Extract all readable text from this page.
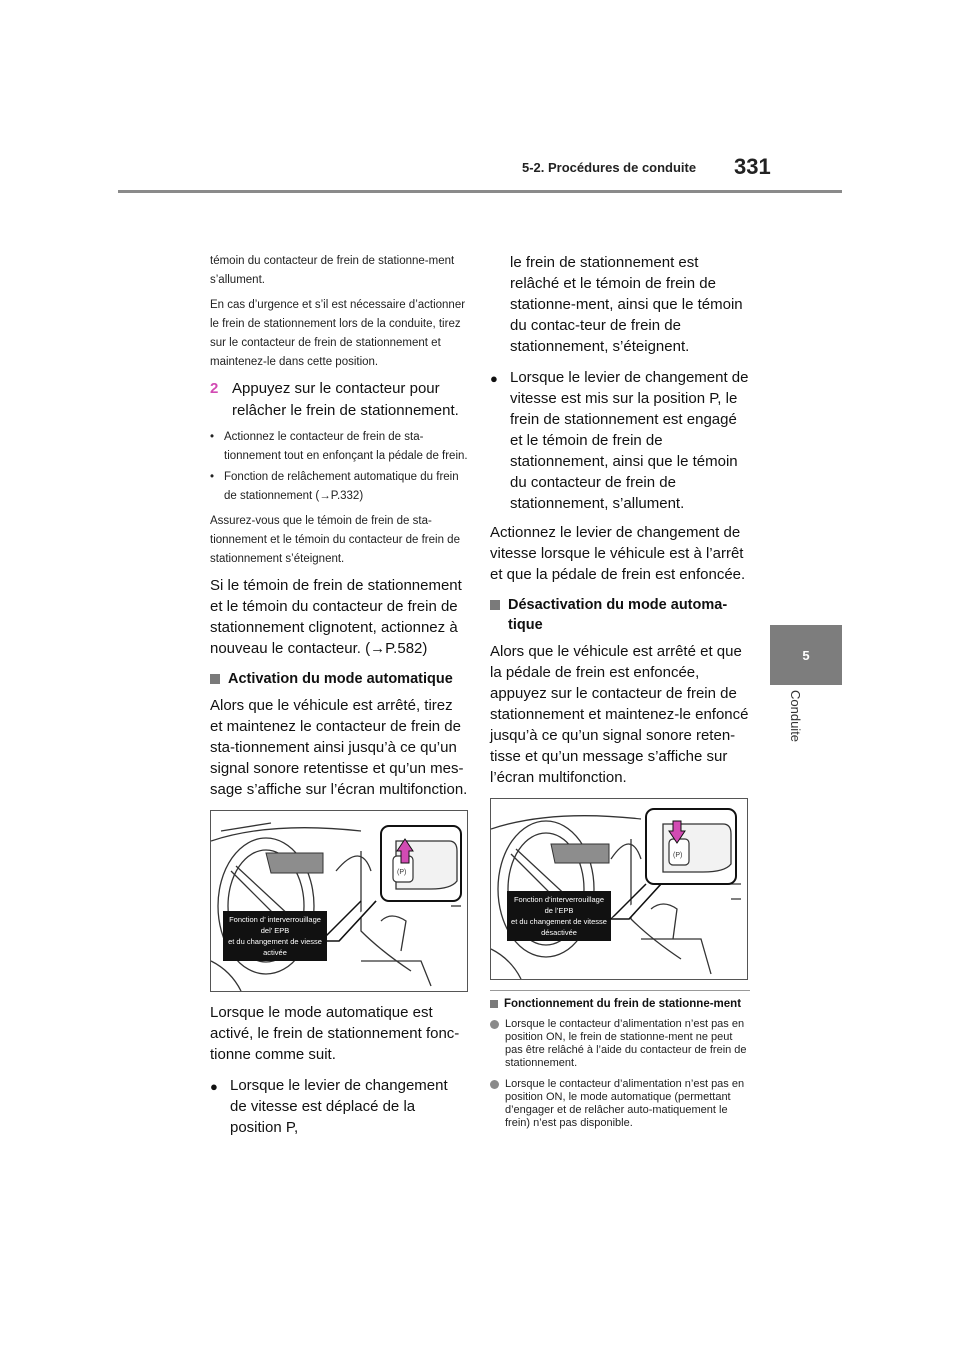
5-2. Procédures de conduite 331
5
Conduite

témoin du contacteur de frein de stationne-ment s’allument.

En cas d’urgence et s’il est nécessaire d’actionner le frein de stationnement lors de la conduite, tirez sur le contacteur de frein de stationnement et maintenez-le dans cette position.

2 Appuyez sur le contacteur pour relâcher le frein de stationnement.
• Actionnez le contacteur de frein de sta-tionnement tout en enfonçant la pédale de frein.
• Fonction de relâchement automatique du frein de stationnement (→P.332)

Assurez-vous que le témoin de frein de sta-tionnement et le témoin du contacteur de frein de stationnement s’éteignent.

Si le témoin de frein de stationnement et le témoin du contacteur de frein de stationnement clignotent, actionnez à nouveau le contacteur. (→P.582)

Activation du mode automatique

Alors que le véhicule est arrêté, tirez et maintenez le contacteur de frein de sta-tionnement ainsi jusqu’à ce qu’un signal sonore retentisse et qu’un mes-sage s’affiche sur l’écran multifonction.

(P)
Fonction d’ interverrouillage
del’ EPB
et du changement de viesse
activée

Lorsque le mode automatique est activé, le frein de stationnement fonc-tionne comme suit.

● Lorsque le levier de changement de vitesse est déplacé de la position P,

le frein de stationnement est relâché et le témoin de frein de stationne-ment, ainsi que le témoin du contac-teur de frein de stationnement, s’éteignent.

● Lorsque le levier de changement de vitesse est mis sur la position P, le frein de stationnement est engagé et le témoin de frein de stationnement, ainsi que le témoin du contacteur de frein de stationnement, s’allument.

Actionnez le levier de changement de vitesse lorsque le véhicule est à l’arrêt et que la pédale de frein est enfoncée.

Désactivation du mode automa-tique

Alors que le véhicule est arrêté et que la pédale de frein est enfoncée, appuyez sur le contacteur de frein de stationnement et maintenez-le enfoncé jusqu’à ce qu’un signal sonore reten-tisse et qu’un message s’affiche sur l’écran multifonction.

(P)
Fonction d’interverrouillage
de l’EPB
et du changement de vitesse
désactivée
Fonctionnement du frein de stationne-ment
Lorsque le contacteur d’alimentation n’est pas en position ON, le frein de stationne-ment ne peut pas être relâché à l’aide du contacteur de frein de stationnement.
Lorsque le contacteur d’alimentation n’est pas en position ON, le mode automatique (permettant d’engager et de relâcher auto-matiquement le frein) n’est pas disponible.
